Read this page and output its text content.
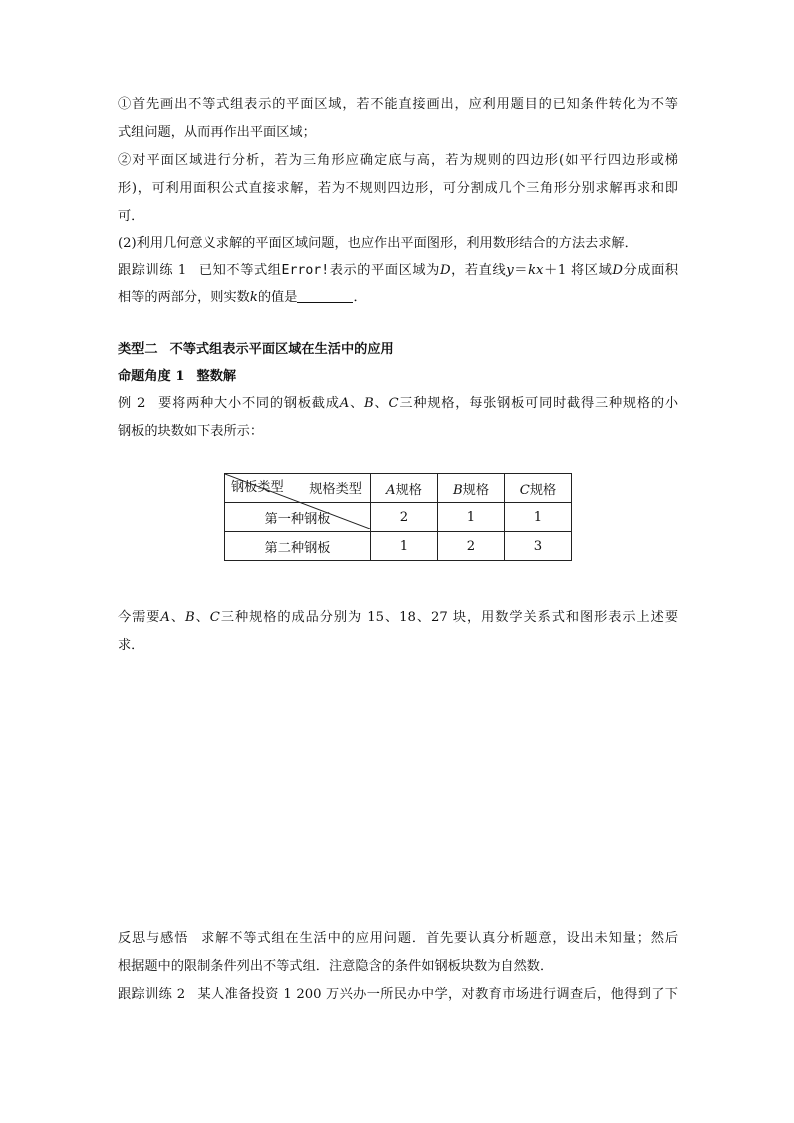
①首先画出不等式组表示的平面区域，若不能直接画出，应利用题目的已知条件转化为不等
式组问题，从而再作出平面区域；
②对平面区域进行分析，若为三角形应确定底与高，若为规则的四边形(如平行四边形或梯
形)，可利用面积公式直接求解，若为不规则四边形，可分割成几个三角形分别求解再求和即
可．
(2)利用几何意义求解的平面区域问题，也应作出平面图形，利用数形结合的方法去求解．
跟踪训练 1 已知不等式组Error!表示的平面区域为D，若直线y＝kx＋1 将区域D分成面积
相等的两部分，则实数k的值是	．
类型二 不等式组表示平面区域在生活中的应用
命题角度 1 整数解
例 2 要将两种大小不同的钢板截成A、B、C三种规格，每张钢板可同时截得三种规格的小
钢板的块数如下表所示：
规格类型
钢板类型	A规格	B规格	C规格
第一种钢板	2	1	1
第二种钢板	1	2	3
今需要A、B、C三种规格的成品分别为 15、18、27 块，用数学关系式和图形表示上述要
求．
反思与感悟 求解不等式组在生活中的应用问题．首先要认真分析题意，设出未知量；然后
根据题中的限制条件列出不等式组．注意隐含的条件如钢板块数为自然数．
跟踪训练 2 某人准备投资 1 200 万兴办一所民办中学，对教育市场进行调查后，他得到了下
